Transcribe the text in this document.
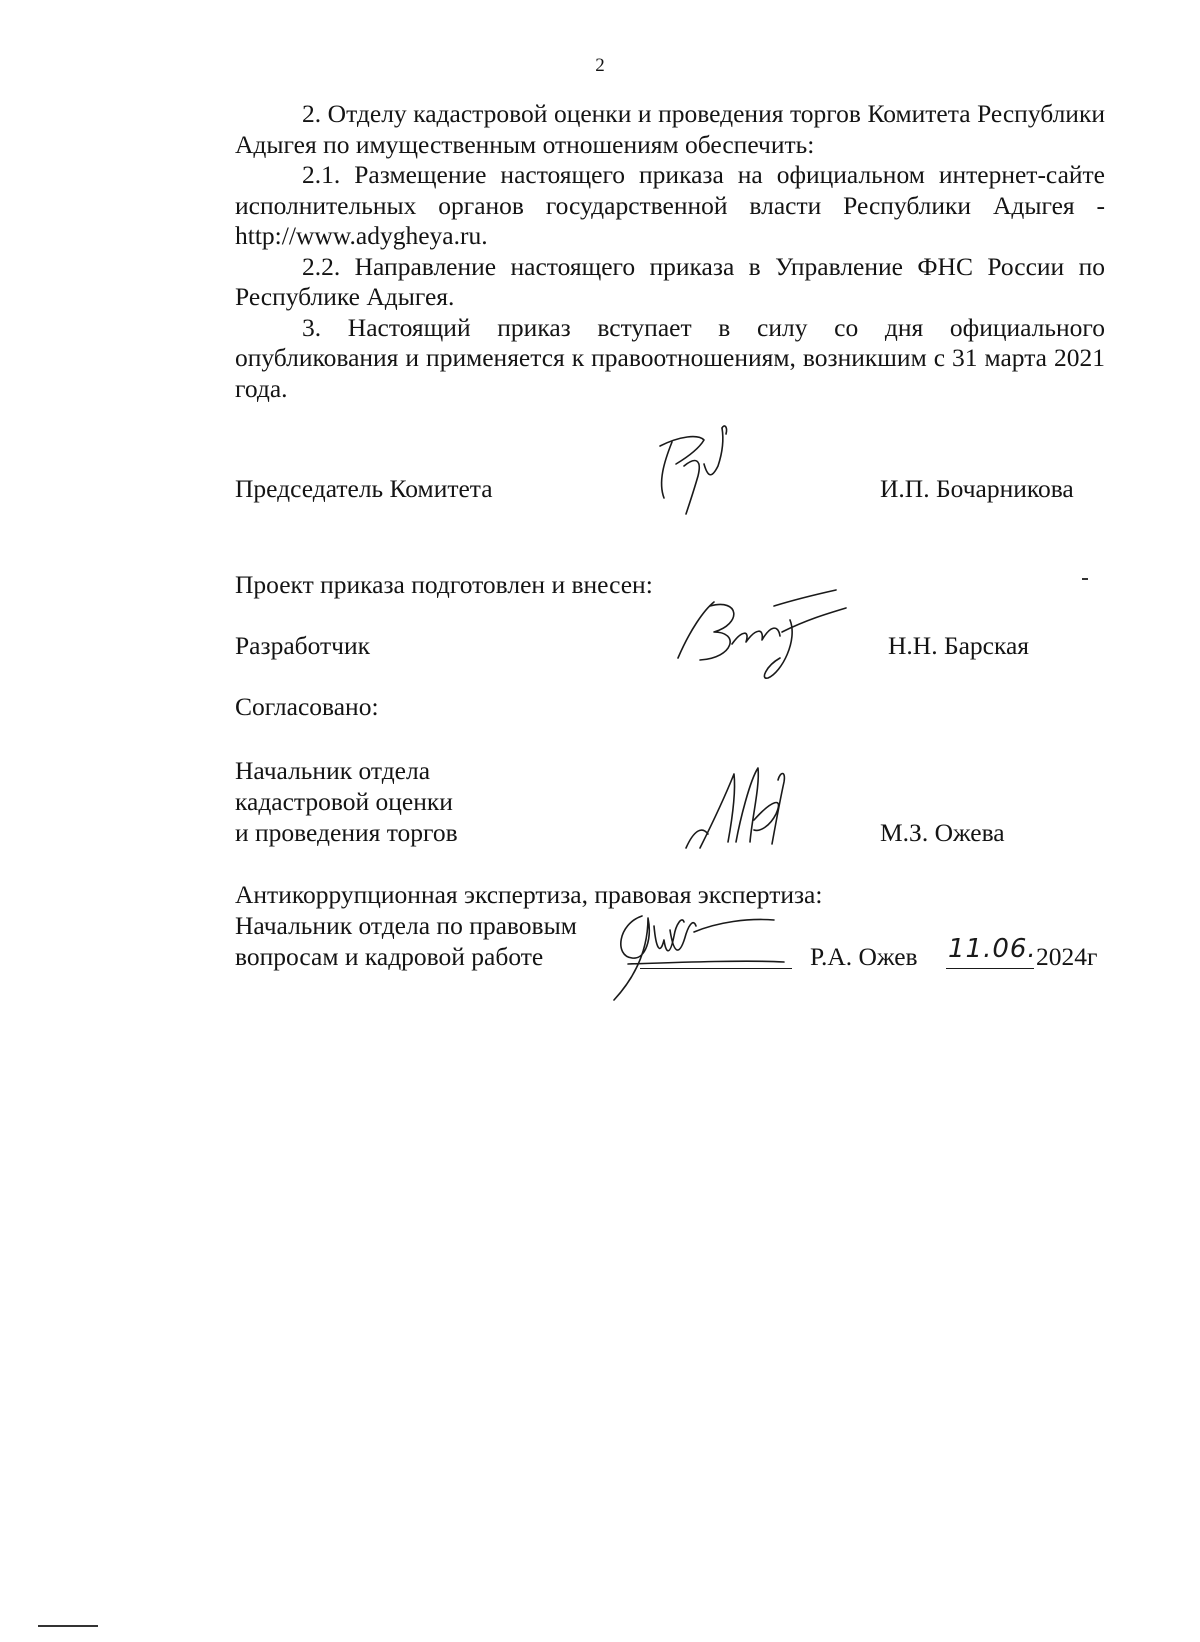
2

2. Отделу кадастровой оценки и проведения торгов Комитета Республики Адыгея по имущественным отношениям обеспечить:

2.1. Размещение настоящего приказа на официальном интернет-сайте исполнительных органов государственной власти Республики Адыгея - http://www.adygheya.ru.

2.2. Направление настоящего приказа в Управление ФНС России по Республике Адыгея.

3. Настоящий приказ вступает в силу со дня официального опубликования и применяется к правоотношениям, возникшим с 31 марта 2021 года.

Председатель Комитета	И.П. Бочарникова
Проект приказа подготовлен и внесен:
Разработчик	Н.Н. Барская
Согласовано:
Начальник отдела
кадастровой оценки
и проведения торгов	М.З. Ожева
Антикоррупционная экспертиза, правовая экспертиза:
Начальник отдела по правовым
вопросам и кадровой работе	Р.А. Ожев 11.06. 2024г
